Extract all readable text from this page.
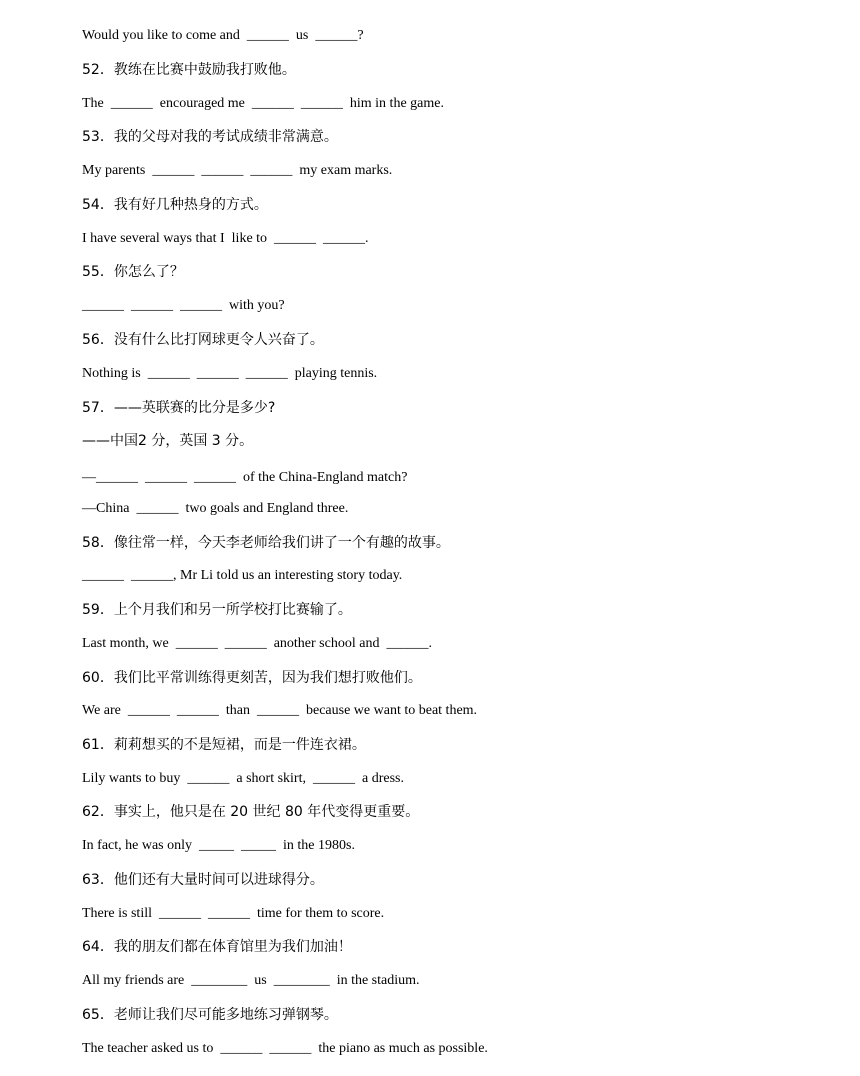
Would you like to come and  ______  us  ______?
52．教练在比赛中鼓励我打败他。
The  ______  encouraged me  ______  ______  him in the game.
53．我的父母对我的考试成绩非常满意。
My parents  ______  ______  ______  my exam marks.
54．我有好几种热身的方式。
I have several ways that I  like to  ______  ______.
55．你怎么了？
______  ______  ______  with you?
56．没有什么比打网球更令人兴奋了。
Nothing is  ______  ______  ______  playing tennis.
57．——英联赛的比分是多少?
——中国2 分，英国 3 分。
—______  ______  ______  of the China-England match?
—China  ______  two goals and England three.
58．像往常一样，今天李老师给我们讲了一个有趣的故事。
______  ______, Mr Li told us an interesting story today.
59．上个月我们和另一所学校打比赛输了。
Last month, we  ______  ______  another school and  ______.
60．我们比平常训练得更刻苦，因为我们想打败他们。
We are  ______  ______  than  ______  because we want to beat them.
61．莉莉想买的不是短裙，而是一件连衣裙。
Lily wants to buy  ______  a short skirt,  ______  a dress.
62．事实上，他只是在 20 世纪 80 年代变得更重要。
In fact, he was only  _____  _____  in the 1980s.
63．他们还有大量时间可以进球得分。
There is still  ______  ______  time for them to score.
64．我的朋友们都在体育馆里为我们加油！
All my friends are  ________  us  ________  in the stadium.
65．老师让我们尽可能多地练习弹钢琴。
The teacher asked us to  ______  ______  the piano as much as possible.
